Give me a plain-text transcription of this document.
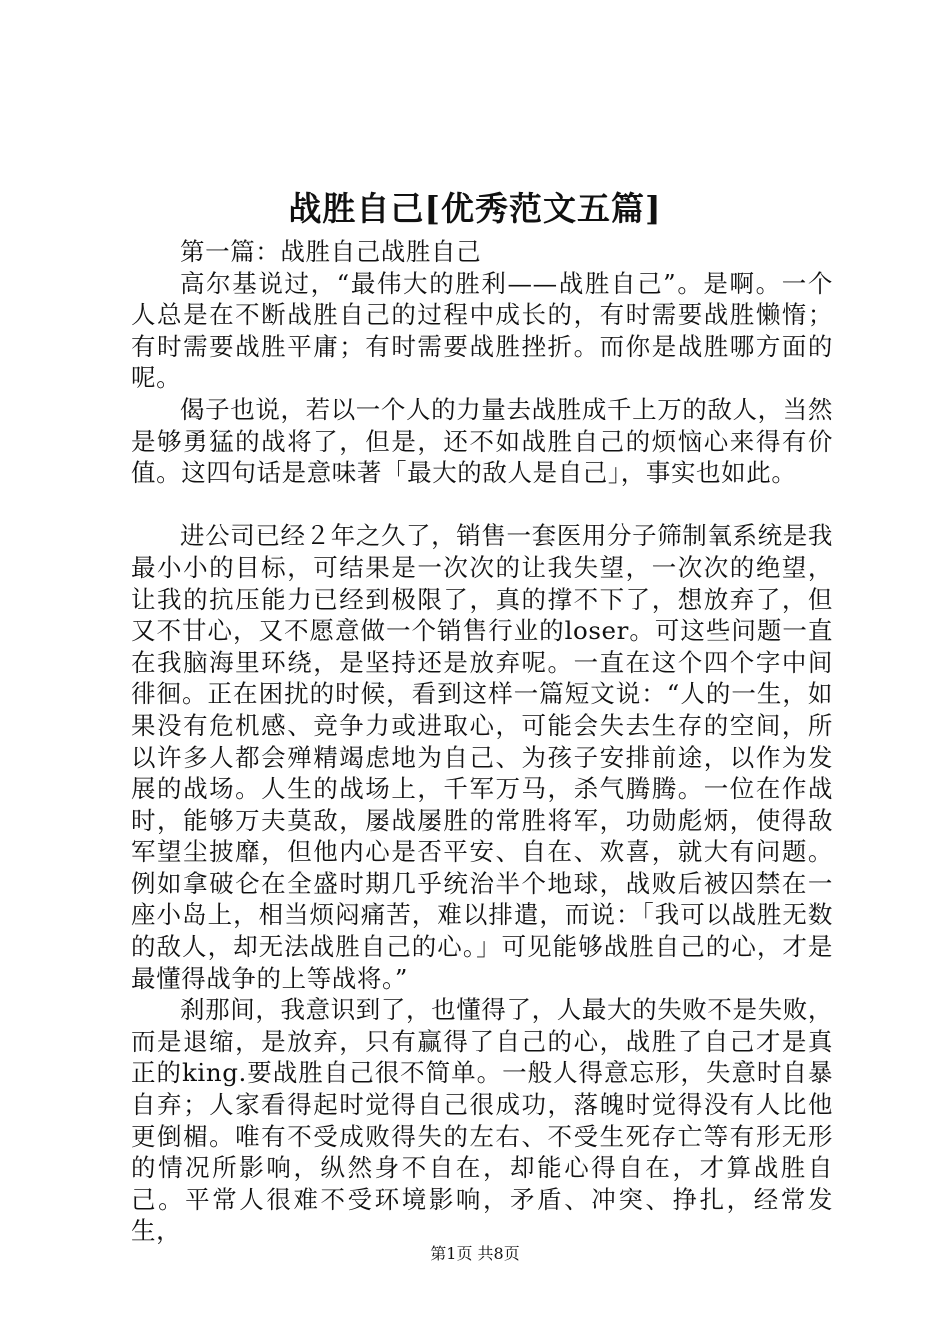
战胜自己[优秀范文五篇]

第一篇：战胜自己战胜自己

高尔基说过，“最伟大的胜利——战胜自己”。是啊。一个人总是在不断战胜自己的过程中成长的，有时需要战胜懒惰；有时需要战胜平庸；有时需要战胜挫折。而你是战胜哪方面的呢。

偈子也说，若以一个人的力量去战胜成千上万的敌人，当然是够勇猛的战将了，但是，还不如战胜自己的烦恼心来得有价值。这四句话是意味著「最大的敌人是自己」，事实也如此。

进公司已经２年之久了，销售一套医用分子筛制氧系统是我最小小的目标，可结果是一次次的让我失望，一次次的绝望，让我的抗压能力已经到极限了，真的撑不下了，想放弃了，但又不甘心，又不愿意做一个销售行业的loser。可这些问题一直在我脑海里环绕，是坚持还是放弃呢。一直在这个四个字中间徘徊。正在困扰的时候，看到这样一篇短文说：“人的一生，如果没有危机感、竞争力或进取心，可能会失去生存的空间，所以许多人都会殚精竭虑地为自己、为孩子安排前途，以作为发展的战场。人生的战场上，千军万马，杀气腾腾。一位在作战时，能够万夫莫敌，屡战屡胜的常胜将军，功勋彪炳，使得敌军望尘披靡，但他内心是否平安、自在、欢喜，就大有问题。例如拿破仑在全盛时期几乎统治半个地球，战败后被囚禁在一座小岛上，相当烦闷痛苦，难以排遣，而说：「我可以战胜无数的敌人，却无法战胜自己的心。」可见能够战胜自己的心，才是最懂得战争的上等战将。”

刹那间，我意识到了，也懂得了，人最大的失败不是失败，而是退缩，是放弃，只有赢得了自己的心，战胜了自己才是真正的king.要战胜自己很不简单。一般人得意忘形，失意时自暴自弃；人家看得起时觉得自己很成功，落魄时觉得没有人比他更倒楣。唯有不受成败得失的左右、不受生死存亡等有形无形的情况所影响，纵然身不自在，却能心得自在，才算战胜自己。平常人很难不受环境影响，矛盾、冲突、挣扎，经常发生，

第1页 共8页
